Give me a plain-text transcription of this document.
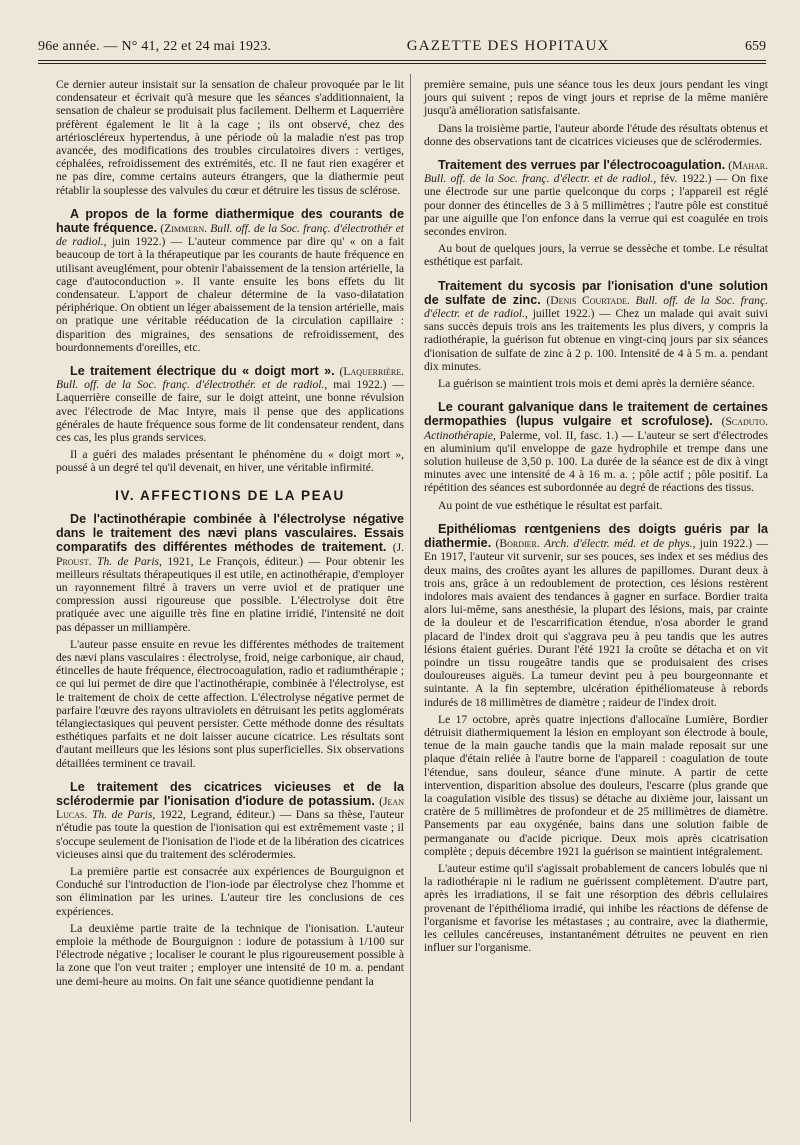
96e année. — N° 41, 22 et 24 mai 1923.	GAZETTE DES HOPITAUX	659

Ce dernier auteur insistait sur la sensation de chaleur provoquée par le lit condensateur et écrivait qu'à mesure que les séances s'additionnaient, la sensation de chaleur se produisait plus facilement. Delherm et Laquerrière préfèrent également le lit à la cage ; ils ont observé, chez des artérioscléreux hypertendus, à une période où la maladie n'est pas trop avancée, des modifications des troubles circulatoires divers : vertiges, céphalées, refroidissement des extrémités, etc. Il ne faut rien exagérer et ne pas dire, comme certains auteurs étrangers, que la diathermie peut rétablir la souplesse des valvules du cœur et détruire les tissus de sclérose.

A propos de la forme diathermique des courants de haute fréquence. (Zimmern. Bull. off. de la Soc. franç. d'électrothér et de radiol., juin 1922.) — L'auteur commence par dire qu' « on a fait beaucoup de tort à la thérapeutique par les courants de haute fréquence en utilisant aveuglément, pour obtenir l'abaissement de la tension artérielle, la cage d'autoconduction ». Il vante ensuite les bons effets du lit condensateur. L'apport de chaleur détermine de la vaso-dilatation périphérique. On obtient un léger abaissement de la tension artérielle, mais on pratique une véritable rééducation de la circulation capillaire : disparition des migraines, des sensations de refroidissement, des bourdonnements d'oreilles, etc.

Le traitement électrique du « doigt mort ». (Laquerrière. Bull. off. de la Soc. franç. d'électrothér. et de radiol., mai 1922.) — Laquerrière conseille de faire, sur le doigt atteint, une bonne révulsion avec l'électrode de Mac Intyre, mais il pense que des applications générales de haute fréquence sous forme de lit condensateur rendent, dans ces cas, les plus grands services.

Il a guéri des malades présentant le phénomène du « doigt mort », poussé à un degré tel qu'il devenait, en hiver, une véritable infirmité.

IV. AFFECTIONS DE LA PEAU

De l'actinothérapie combinée à l'électrolyse négative dans le traitement des nævi plans vasculaires. Essais comparatifs des différentes méthodes de traitement. (J. Proust. Th. de Paris, 1921, Le François, éditeur.) — Pour obtenir les meilleurs résultats thérapeutiques il est utile, en actinothérapie, d'employer un rayonnement filtré à travers un verre uviol et de pratiquer une compression aussi rigoureuse que possible. L'électrolyse doit être pratiquée avec une aiguille très fine en platine irridié, l'intensité ne doit pas dépasser un milliampère.

L'auteur passe ensuite en revue les différentes méthodes de traitement des nævi plans vasculaires : électrolyse, froid, neige carbonique, air chaud, étincelles de haute fréquence, électrocoagulation, radio et radiumthérapie ; ce qui lui permet de dire que l'actinothérapie, combinée à l'électrolyse, est le traitement de choix de cette affection. L'électrolyse négative permet de parfaire l'œuvre des rayons ultraviolets en détruisant les petits agglomérats télangiectasiques qui peuvent persister. Cette méthode donne des résultats esthétiques parfaits et ne doit laisser aucune cicatrice. Les résultats sont d'autant meilleurs que les lésions sont plus superficielles. Six observations détaillées terminent ce travail.

Le traitement des cicatrices vicieuses et de la sclérodermie par l'ionisation d'iodure de potassium. (Jean Lucas. Th. de Paris, 1922, Legrand, éditeur.) — Dans sa thèse, l'auteur n'étudie pas toute la question de l'ionisation qui est extrêmement vaste ; il s'occupe seulement de l'ionisation de l'iode et de la libération des cicatrices vicieuses ainsi que du traitement des sclérodermies.

La première partie est consacrée aux expériences de Bourguignon et Conduché sur l'introduction de l'ion-iode par électrolyse chez l'homme et son élimination par les urines. L'auteur tire les conclusions de ces expériences.

La deuxième partie traite de la technique de l'ionisation. L'auteur emploie la méthode de Bourguignon : iodure de potassium à 1/100 sur l'électrode négative ; localiser le courant le plus rigoureusement possible à la zone que l'on veut traiter ; employer une intensité de 10 m. a. pendant une demi-heure au moins. On fait une séance quotidienne pendant la

première semaine, puis une séance tous les deux jours pendant les vingt jours qui suivent ; repos de vingt jours et reprise de la même manière jusqu'à amélioration satisfaisante.

Dans la troisième partie, l'auteur aborde l'étude des résultats obtenus et donne des observations tant de cicatrices vicieuses que de sclérodermies.

Traitement des verrues par l'électrocoagulation. (Mahar. Bull. off. de la Soc. franç. d'électr. et de radiol., fév. 1922.) — On fixe une électrode sur une partie quelconque du corps ; l'appareil est réglé pour donner des étincelles de 3 à 5 millimètres ; l'autre pôle est constitué par une aiguille que l'on enfonce dans la verrue qui est coagulée en trois secondes environ.

Au bout de quelques jours, la verrue se dessèche et tombe. Le résultat esthétique est parfait.

Traitement du sycosis par l'ionisation d'une solution de sulfate de zinc. (Denis Courtade. Bull. off. de la Soc. franç. d'électr. et de radiol., juillet 1922.) — Chez un malade qui avait suivi sans succès depuis trois ans les traitements les plus divers, y compris la radiothérapie, la guérison fut obtenue en vingt-cinq jours par six séances d'ionisation de sulfate de zinc à 2 p. 100. Intensité de 4 à 5 m. a. pendant dix minutes.

La guérison se maintient trois mois et demi après la dernière séance.

Le courant galvanique dans le traitement de certaines dermopathies (lupus vulgaire et scrofulose). (Scaduto. Actinothérapie, Palerme, vol. II, fasc. 1.) — L'auteur se sert d'électrodes en aluminium qu'il enveloppe de gaze hydrophile et trempe dans une solution huileuse de 3,50 p. 100. La durée de la séance est de dix à vingt minutes avec une intensité de 4 à 16 m. a. ; pôle actif ; pôle positif. La répétition des séances est subordonnée au degré de réactions des tissus.

Au point de vue esthétique le résultat est parfait.

Epithéliomas rœntgeniens des doigts guéris par la diathermie. (Bordier. Arch. d'électr. méd. et de phys., juin 1922.) — En 1917, l'auteur vit survenir, sur ses pouces, ses index et ses médius des deux mains, des croûtes ayant les allures de papillomes. Durant deux à trois ans, grâce à un redoublement de protection, ces lésions restèrent indolores mais avaient des tendances à gagner en surface. Bordier traita alors lui-même, sans anesthésie, la plupart des lésions, mais, par crainte de la douleur et de l'escarrification étendue, n'osa aborder le grand placard de l'index droit qui s'aggrava peu à peu tandis que les autres lésions étaient guéries. Durant l'été 1921 la croûte se détacha et on vit poindre un tissu rougeâtre tandis que se produisaient des crises douloureuses aiguës. La tumeur devint peu à peu bourgeonnante et suintante. A la fin septembre, ulcération épithéliomateuse à rebords indurés de 18 millimètres de diamètre ; raideur de l'index droit.

Le 17 octobre, après quatre injections d'allocaïne Lumière, Bordier détruisit diathermiquement la lésion en employant son électrode à boule, tenue de la main gauche tandis que la main malade reposait sur une plaque d'étain reliée à l'autre borne de l'appareil : coagulation de toute l'étendue, sans douleur, séance d'une minute. A partir de cette intervention, disparition absolue des douleurs, l'escarre (plus grande que la coagulation visible des tissus) se détache au dixième jour, laissant un cratère de 5 millimètres de profondeur et de 25 millimètres de diamètre. Pansements par eau oxygénée, bains dans une solution faible de permanganate ou d'acide picrique. Deux mois après cicatrisation complète ; depuis décembre 1921 la guérison se maintient intégralement.

L'auteur estime qu'il s'agissait probablement de cancers lobulés que ni la radiothérapie ni le radium ne guérissent complètement. D'autre part, après les irradiations, il se fait une résorption des débris cellulaires provenant de l'épithélioma irradié, qui inhibe les réactions de défense de l'organisme et favorise les métastases ; au contraire, avec la diathermie, les cellules cancéreuses, instantanément détruites ne peuvent en rien influer sur l'organisme.
